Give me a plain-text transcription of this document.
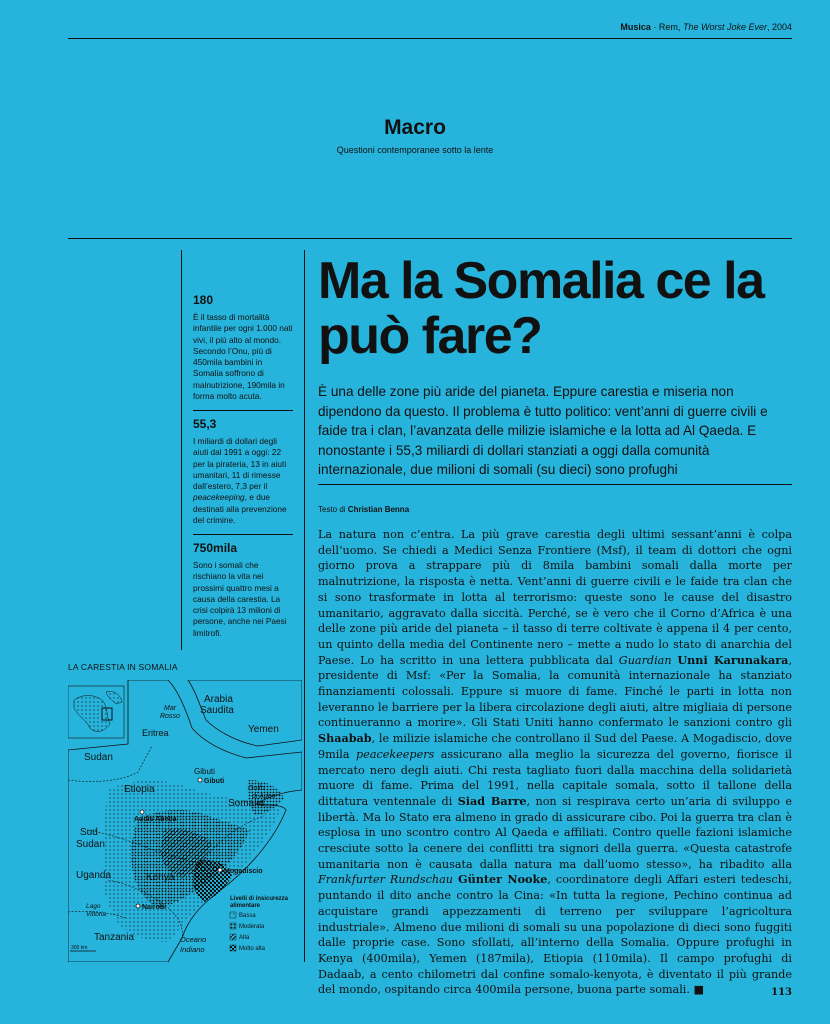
Musica · Rem, The Worst Joke Ever, 2004
Macro
Questioni contemporanee sotto la lente
Ma la Somalia ce la può fare?
È una delle zone più aride del pianeta. Eppure carestia e miseria non dipendono da questo. Il problema è tutto politico: vent’anni di guerre civili e faide tra i clan, l’avanzata delle milizie islamiche e la lotta ad Al Qaeda. E nonostante i 55,3 miliardi di dollari stanziati a oggi dalla comunità internazionale, due milioni di somali (su dieci) sono profughi
Testo di Christian Benna
180
È il tasso di mortalità infantile per ogni 1.000 nati vivi, il più alto al mondo. Secondo l’Onu, più di 450mila bambini in Somalia soffrono di malnutrizione, 190mila in forma molto acuta.
55,3
I miliardi di dollari degli aiuti dal 1991 a oggi: 22 per la pirateria, 13 in aiuti umanitari, 11 di rimesse dall’estero, 7,3 per il peacekeeping, e due destinati alla prevenzione del crimine.
750mila
Sono i somali che rischiano la vita nei prossimi quattro mesi a causa della carestia. La crisi colpirà 13 milioni di persone, anche nei Paesi limitrofi.
LA CARESTIA IN SOMALIA
Arabia
Saudita
Yemen
Eritrea
Sudan
Etiopia
Somalia
Sud
Sudan
Uganda	Kenya
Tanzania
Mar
Rosso
Golfo
di Aden
Lago
Vittoria
Oceano
Indiano
Gibuti
Gibuti
Addis Abeba
Mogadiscio
Nairobi
300 km
Livelli di insicurezza
alimentare
Bassa
Moderata
Alta
Molto alta
La natura non c’entra. La più grave carestia degli ultimi sessant’anni è colpa dell’uomo. Se chiedi a Medici Senza Frontiere (Msf), il team di dottori che ogni giorno prova a strappare più di 8mila bambini somali dalla morte per malnutrizione, la risposta è netta. Vent’anni di guerre civili e le faide tra clan che si sono trasformate in lotta al terrorismo: queste sono le cause del disastro umanitario, aggravato dalla siccità. Perché, se è vero che il Corno d’Africa è una delle zone più aride del pianeta – il tasso di terre coltivate è appena il 4 per cento, un quinto della media del Continente nero – mette a nudo lo stato di anarchia del Paese. Lo ha scritto in una lettera pubblicata dal Guardian Unni Karunakara, presidente di Msf: «Per la Somalia, la comunità internazionale ha stanziato finanziamenti colossali. Eppure si muore di fame. Finché le parti in lotta non leveranno le barriere per la libera circolazione degli aiuti, altre migliaia di persone continueranno a morire». Gli Stati Uniti hanno confermato le sanzioni contro gli Shaabab, le milizie islamiche che controllano il Sud del Paese. A Mogadiscio, dove 9mila peacekeepers assicurano alla meglio la sicurezza del governo, fiorisce il mercato nero degli aiuti. Chi resta tagliato fuori dalla macchina della solidarietà muore di fame. Prima del 1991, nella capitale somala, sotto il tallone della dittatura ventennale di Siad Barre, non si respirava certo un’aria di sviluppo e libertà. Ma lo Stato era almeno in grado di assicurare cibo. Poi la guerra tra clan è esplosa in uno scontro contro Al Qaeda e affiliati. Contro quelle fazioni islamiche cresciute sotto la cenere dei conflitti tra signori della guerra. «Questa catastrofe umanitaria non è causata dalla natura ma dall’uomo stesso», ha ribadito alla Frankfurter Rundschau Günter Nooke, coordinatore degli Affari esteri tedeschi, puntando il dito anche contro la Cina: «In tutta la regione, Pechino continua ad acquistare grandi appezzamenti di terreno per sviluppare l’agricoltura industriale». Almeno due milioni di somali su una popolazione di dieci sono fuggiti dalle proprie case. Sono sfollati, all’interno della Somalia. Oppure profughi in Kenya (400mila), Yemen (187mila), Etiopia (110mila). Il campo profughi di Dadaab, a cento chilometri dal confine somalo-kenyota, è diventato il più grande del mondo, ospitando circa 400mila persone, buona parte somali. ■	113
